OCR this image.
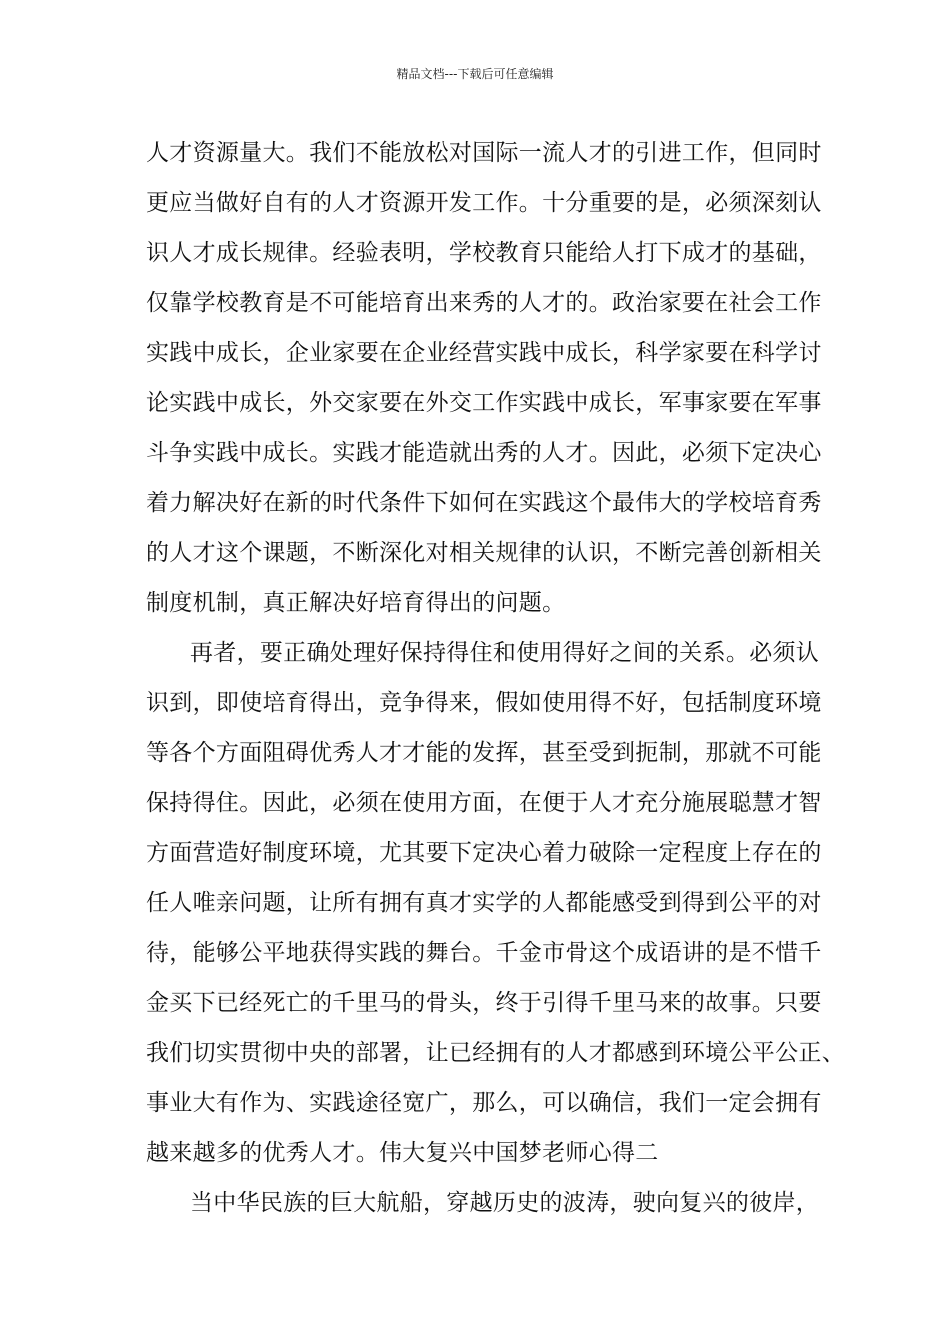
精品文档---下载后可任意编辑
人才资源量大。我们不能放松对国际一流人才的引进工作，但同时
更应当做好自有的人才资源开发工作。十分重要的是，必须深刻认
识人才成长规律。经验表明，学校教育只能给人打下成才的基础，
仅靠学校教育是不可能培育出来秀的人才的。政治家要在社会工作
实践中成长，企业家要在企业经营实践中成长，科学家要在科学讨
论实践中成长，外交家要在外交工作实践中成长，军事家要在军事
斗争实践中成长。实践才能造就出秀的人才。因此，必须下定决心
着力解决好在新的时代条件下如何在实践这个最伟大的学校培育秀
的人才这个课题，不断深化对相关规律的认识，不断完善创新相关
制度机制，真正解决好培育得出的问题。
再者，要正确处理好保持得住和使用得好之间的关系。必须认
识到，即使培育得出，竞争得来，假如使用得不好，包括制度环境
等各个方面阻碍优秀人才才能的发挥，甚至受到扼制，那就不可能
保持得住。因此，必须在使用方面，在便于人才充分施展聪慧才智
方面营造好制度环境，尤其要下定决心着力破除一定程度上存在的
任人唯亲问题，让所有拥有真才实学的人都能感受到得到公平的对
待，能够公平地获得实践的舞台。千金市骨这个成语讲的是不惜千
金买下已经死亡的千里马的骨头，终于引得千里马来的故事。只要
我们切实贯彻中央的部署，让已经拥有的人才都感到环境公平公正、
事业大有作为、实践途径宽广，那么，可以确信，我们一定会拥有
越来越多的优秀人才。伟大复兴中国梦老师心得二
当中华民族的巨大航船，穿越历史的波涛，驶向复兴的彼岸，
